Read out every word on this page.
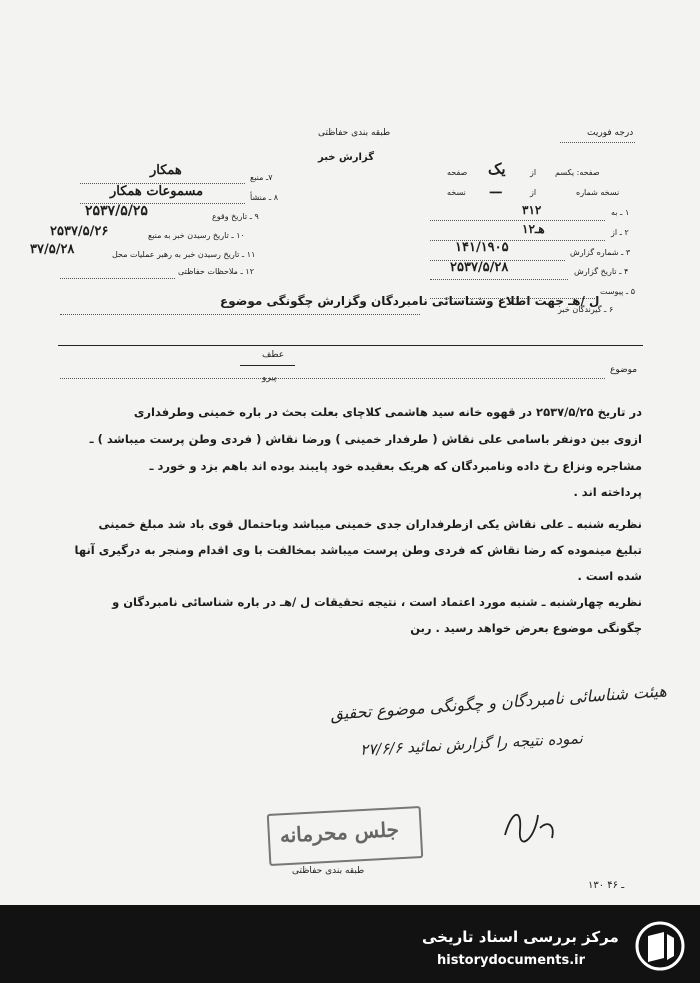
طبقه بندی حفاظتی
گزارش خبر
درجه فوریت
صفحه: یکسم
از
یک
صفحه
نسخه شماره
از
ـــ
نسخه
۱ ـ به
۳۱۲
۲ ـ از
۱هـ۲
۳ ـ شماره گزارش
۱۴۱/۱۹۰۵
۴ ـ تاریخ گزارش
۲۵۳۷/۵/۲۸
۵ ـ پیوست
۶ ـ گیرندگان خبر
۷ـ منبع
همکار
۸ ـ منشأ
مسموعات همکار
۹ ـ تاریخ وقوع
۲۵۳۷/۵/۲۵
۱۰ ـ تاریخ رسیدن خبر به منبع
۲۵۳۷/۵/۲۶
۱۱ ـ تاریخ رسیدن خبر به رهبر عملیات محل
۳۷/۵/۲۸
۱۲ ـ ملاحظات حفاظتی
ل /هـ جهت اطلاع وشناسائی نامبردگان وگزارش چگونگی موضوع
عطف
پیرو
موضوع
در تاریخ ۲۵۳۷/۵/۲۵ در قهوه خانه سید هاشمی کلاچای بعلت بحث در باره خمینی وطرفداری
ازوی بین دونفر باسامی علی نقاش ( طرفدار خمینی ) ورضا نقاش ( فردی وطن پرست میباشد ) ـ
مشاجره ونزاع رخ داده ونامبردگان که هریک بعقیده خود پایبند بوده اند باهم بزد و خورد ـ
پرداخته اند .
نظریه شنبه ـ علی نقاش یکی ازطرفداران جدی خمینی میباشد وباحتمال قوی باد شد مبلغ خمینی
تبلیغ مینموده که رضا نقاش که فردی وطن پرست میباشد بمخالفت با وی اقدام ومنجر به درگیری آنها
شده است .
نظریه چهارشنبه ـ شنبه مورد اعتماد است ، نتیجه تحقیقات ل /هـ در باره شناسائی نامبردگان و
چگونگی موضوع بعرض خواهد رسید . ربن
هیئت شناسائی نامبردگان و چگونگی موضوع تحقیق
نموده نتیجه را گزارش نمائید ۲۷/۶/۶
جلس محرمانه
طبقه بندی حفاظتی
۱۳۰ ـ ۴۶
مرکز بررسی اسناد تاریخی
historydocuments.ir
